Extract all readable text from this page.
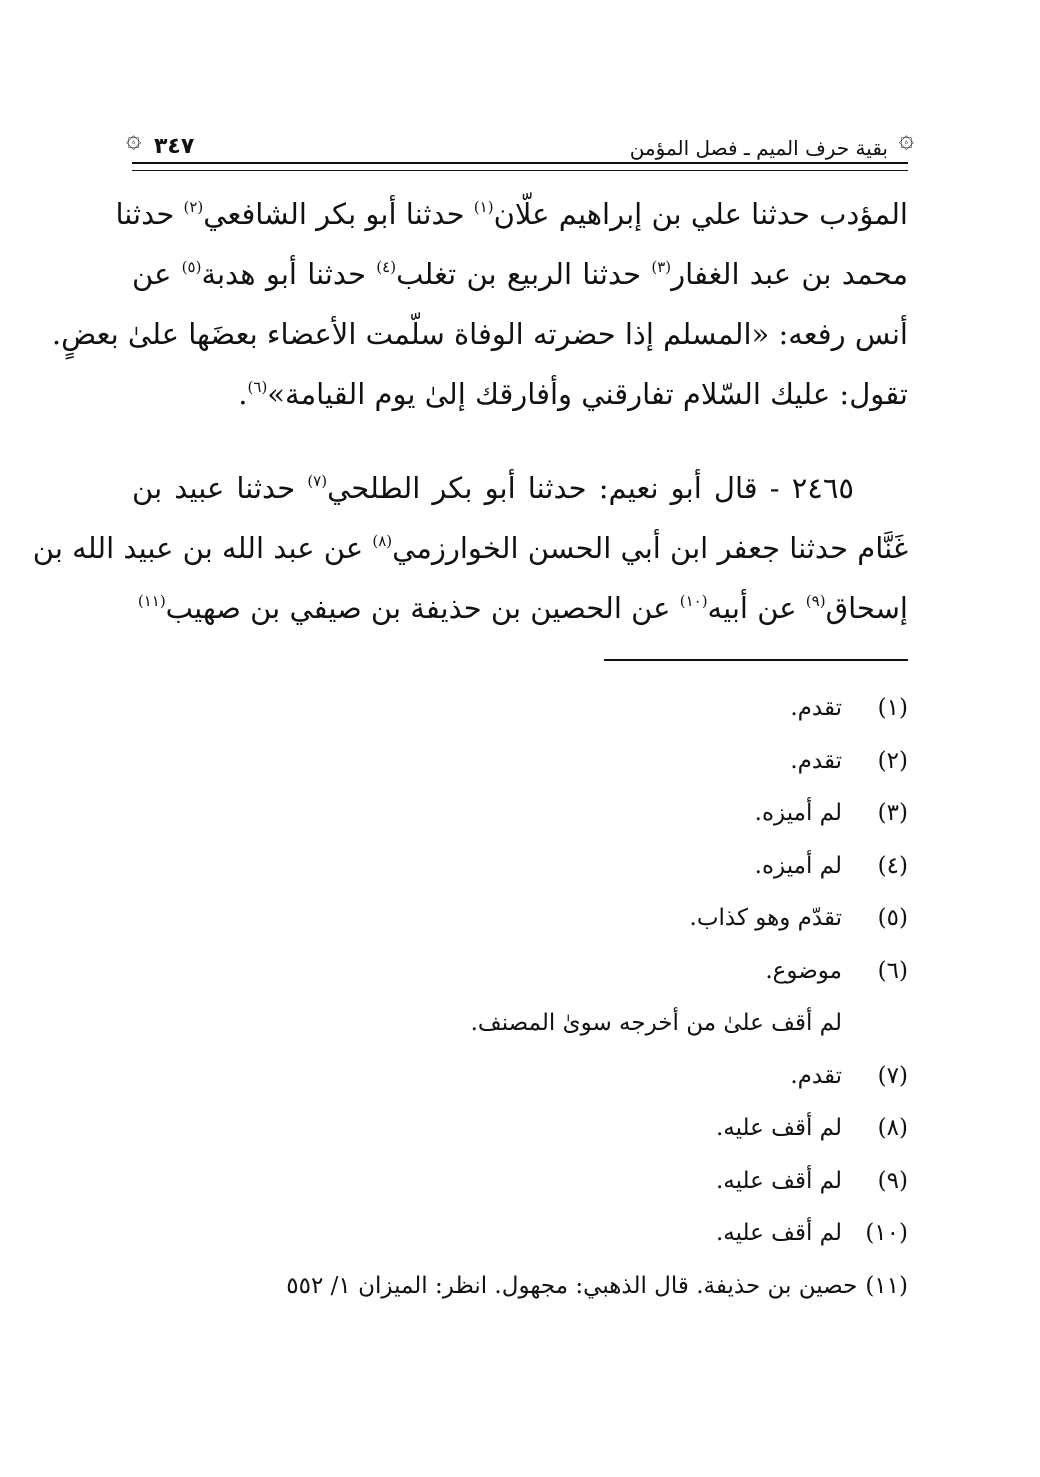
۞
بقية حرف الميم ـ فصل المؤمن
٣٤٧
۞
المؤدب حدثنا علي بن إبراهيم علّان$^{(١)}$ حدثنا أبو بكر الشافعي$^{(٢)}$ حدثنا
محمد بن عبد الغفار$^{(٣)}$ حدثنا الربيع بن تغلب$^{(٤)}$ حدثنا أبو هدبة$^{(٥)}$ عن
أنس رفعه: «المسلم إذا حضرته الوفاة سلّمت الأعضاء بعضَها علىٰ بعضٍ.
تقول: عليك السّلام تفارقني وأفارقك إلىٰ يوم القيامة»$^{(٦)}$.
٢٤٦٥ - قال أبو نعيم: حدثنا أبو بكر الطلحي$^{(٧)}$ حدثنا عبيد بن
غَنَّام حدثنا جعفر ابن أبي الحسن الخوارزمي$^{(٨)}$ عن عبد الله بن عبيد الله بن
إسحاق$^{(٩)}$ عن أبيه$^{(١٠)}$ عن الحصين بن حذيفة بن صيفي بن صهيب$^{(١١)}$
(١)تقدم.
(٢)تقدم.
(٣)لم أميزه.
(٤)لم أميزه.
(٥)تقدّم وهو كذاب.
(٦)موضوع.
لم أقف علىٰ من أخرجه سوىٰ المصنف.
(٧)تقدم.
(٨)لم أقف عليه.
(٩)لم أقف عليه.
(١٠)لم أقف عليه.
(١١)حصين بن حذيفة. قال الذهبي: مجهول. انظر: الميزان ١/ ٥٥٢
